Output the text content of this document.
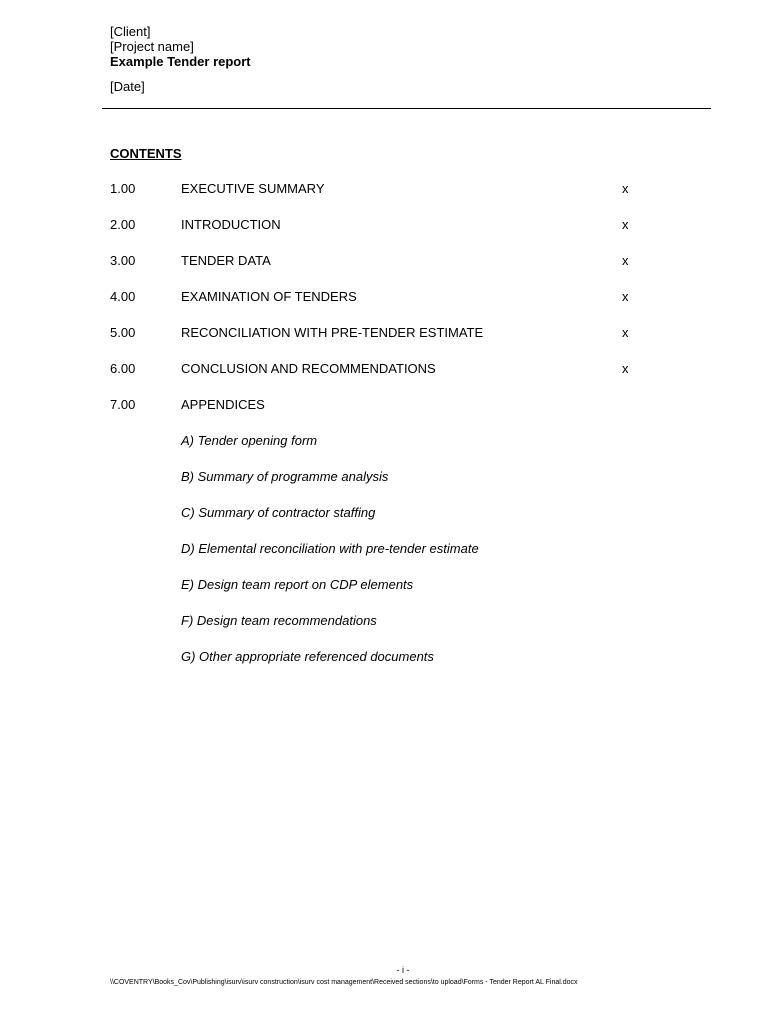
[Client]
[Project name]
Example Tender report
[Date]
CONTENTS
1.00	EXECUTIVE SUMMARY	x
2.00	INTRODUCTION	x
3.00	TENDER DATA	x
4.00	EXAMINATION OF TENDERS	x
5.00	RECONCILIATION WITH PRE-TENDER ESTIMATE	x
6.00	CONCLUSION AND RECOMMENDATIONS	x
7.00	APPENDICES
A) Tender opening form
B) Summary of programme analysis
C) Summary of contractor staffing
D) Elemental reconciliation with pre-tender estimate
E) Design team report on CDP elements
F) Design team recommendations
G) Other appropriate referenced documents
- i -
\\COVENTRY\Books_Cov\Publishing\isurv\isurv construction\isurv cost management\Received sections\to upload\Forms - Tender Report AL Final.docx
